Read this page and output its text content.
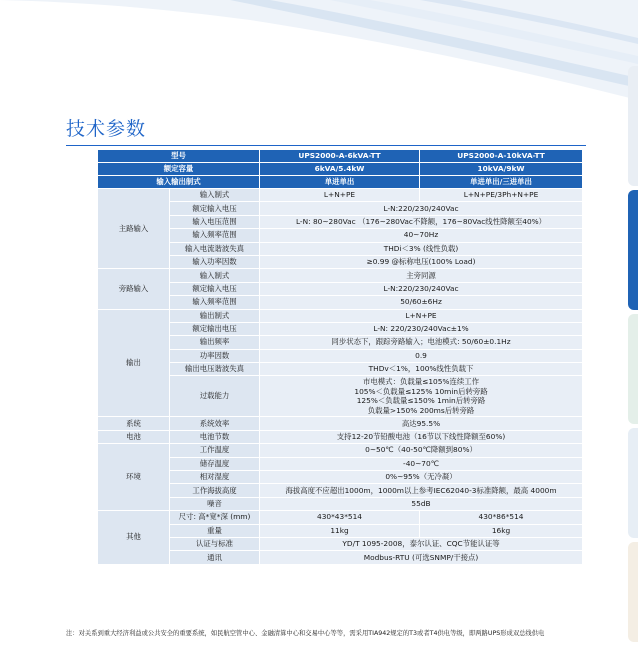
技术参数
型号		UPS2000-A-6kVA-TT	UPS2000-A-10kVA-TT
额定容量		6kVA/5.4kW	10kVA/9kW
输入输出制式		单进单出	单进单出/三进单出
主路输入	输入制式	L+N+PE	L+N+PE/3Ph+N+PE
	额定输入电压	L-N:220/230/240Vac	
	输入电压范围	L-N: 80~280Vac （176~280Vac不降额，176~80Vac线性降额至40%）	
	输入频率范围	40~70Hz	
	输入电流谐波失真	THDi＜3% (线性负载)	
	输入功率因数	≥0.99 @标称电压(100% Load)	
旁路输入	输入制式	主旁同源	
	额定输入电压	L-N:220/230/240Vac	
	输入频率范围	50/60±6Hz	
输出	输出制式	L+N+PE	
	额定输出电压	L-N: 220/230/240Vac±1%	
	输出频率	同步状态下，跟踪旁路输入；电池模式: 50/60±0.1Hz	
	功率因数	0.9	
	输出电压谐波失真	THDv＜1%，100%线性负载下	
	过载能力	市电模式：负载量≤105%连续工作
105%＜负载量≤125% 10min后转旁路
125%＜负载量≤150% 1min后转旁路
负载量>150% 200ms后转旁路	

系统	系统效率	高达95.5%	
电池	电池节数	支持12-20节铅酸电池（16节以下线性降额至60%)	
环境	工作温度	0~50℃（40-50℃降额到80%）	
	储存温度	-40~70℃	
	相对湿度	0%~95%（无冷凝）	
	工作海拔高度	海拔高度不应超出1000m，1000m以上参考IEC62040-3标准降额，最高 4000m	
	噪音	55dB	
其他	尺寸: 高*宽*深 (mm)	430*43*514	430*86*514
	重量	11kg	16kg
	认证与标准	YD/T 1095-2008，泰尔认证、CQC节能认证等	
	通讯	Modbus-RTU (可选SNMP/干接点)	
注：对关系到重大经济利益或公共安全的重要系统，如民航空管中心、金融清算中心和交易中心等等，需采用TIA942规定的T3或者T4供电等级，即两路UPS形成双总线供电
